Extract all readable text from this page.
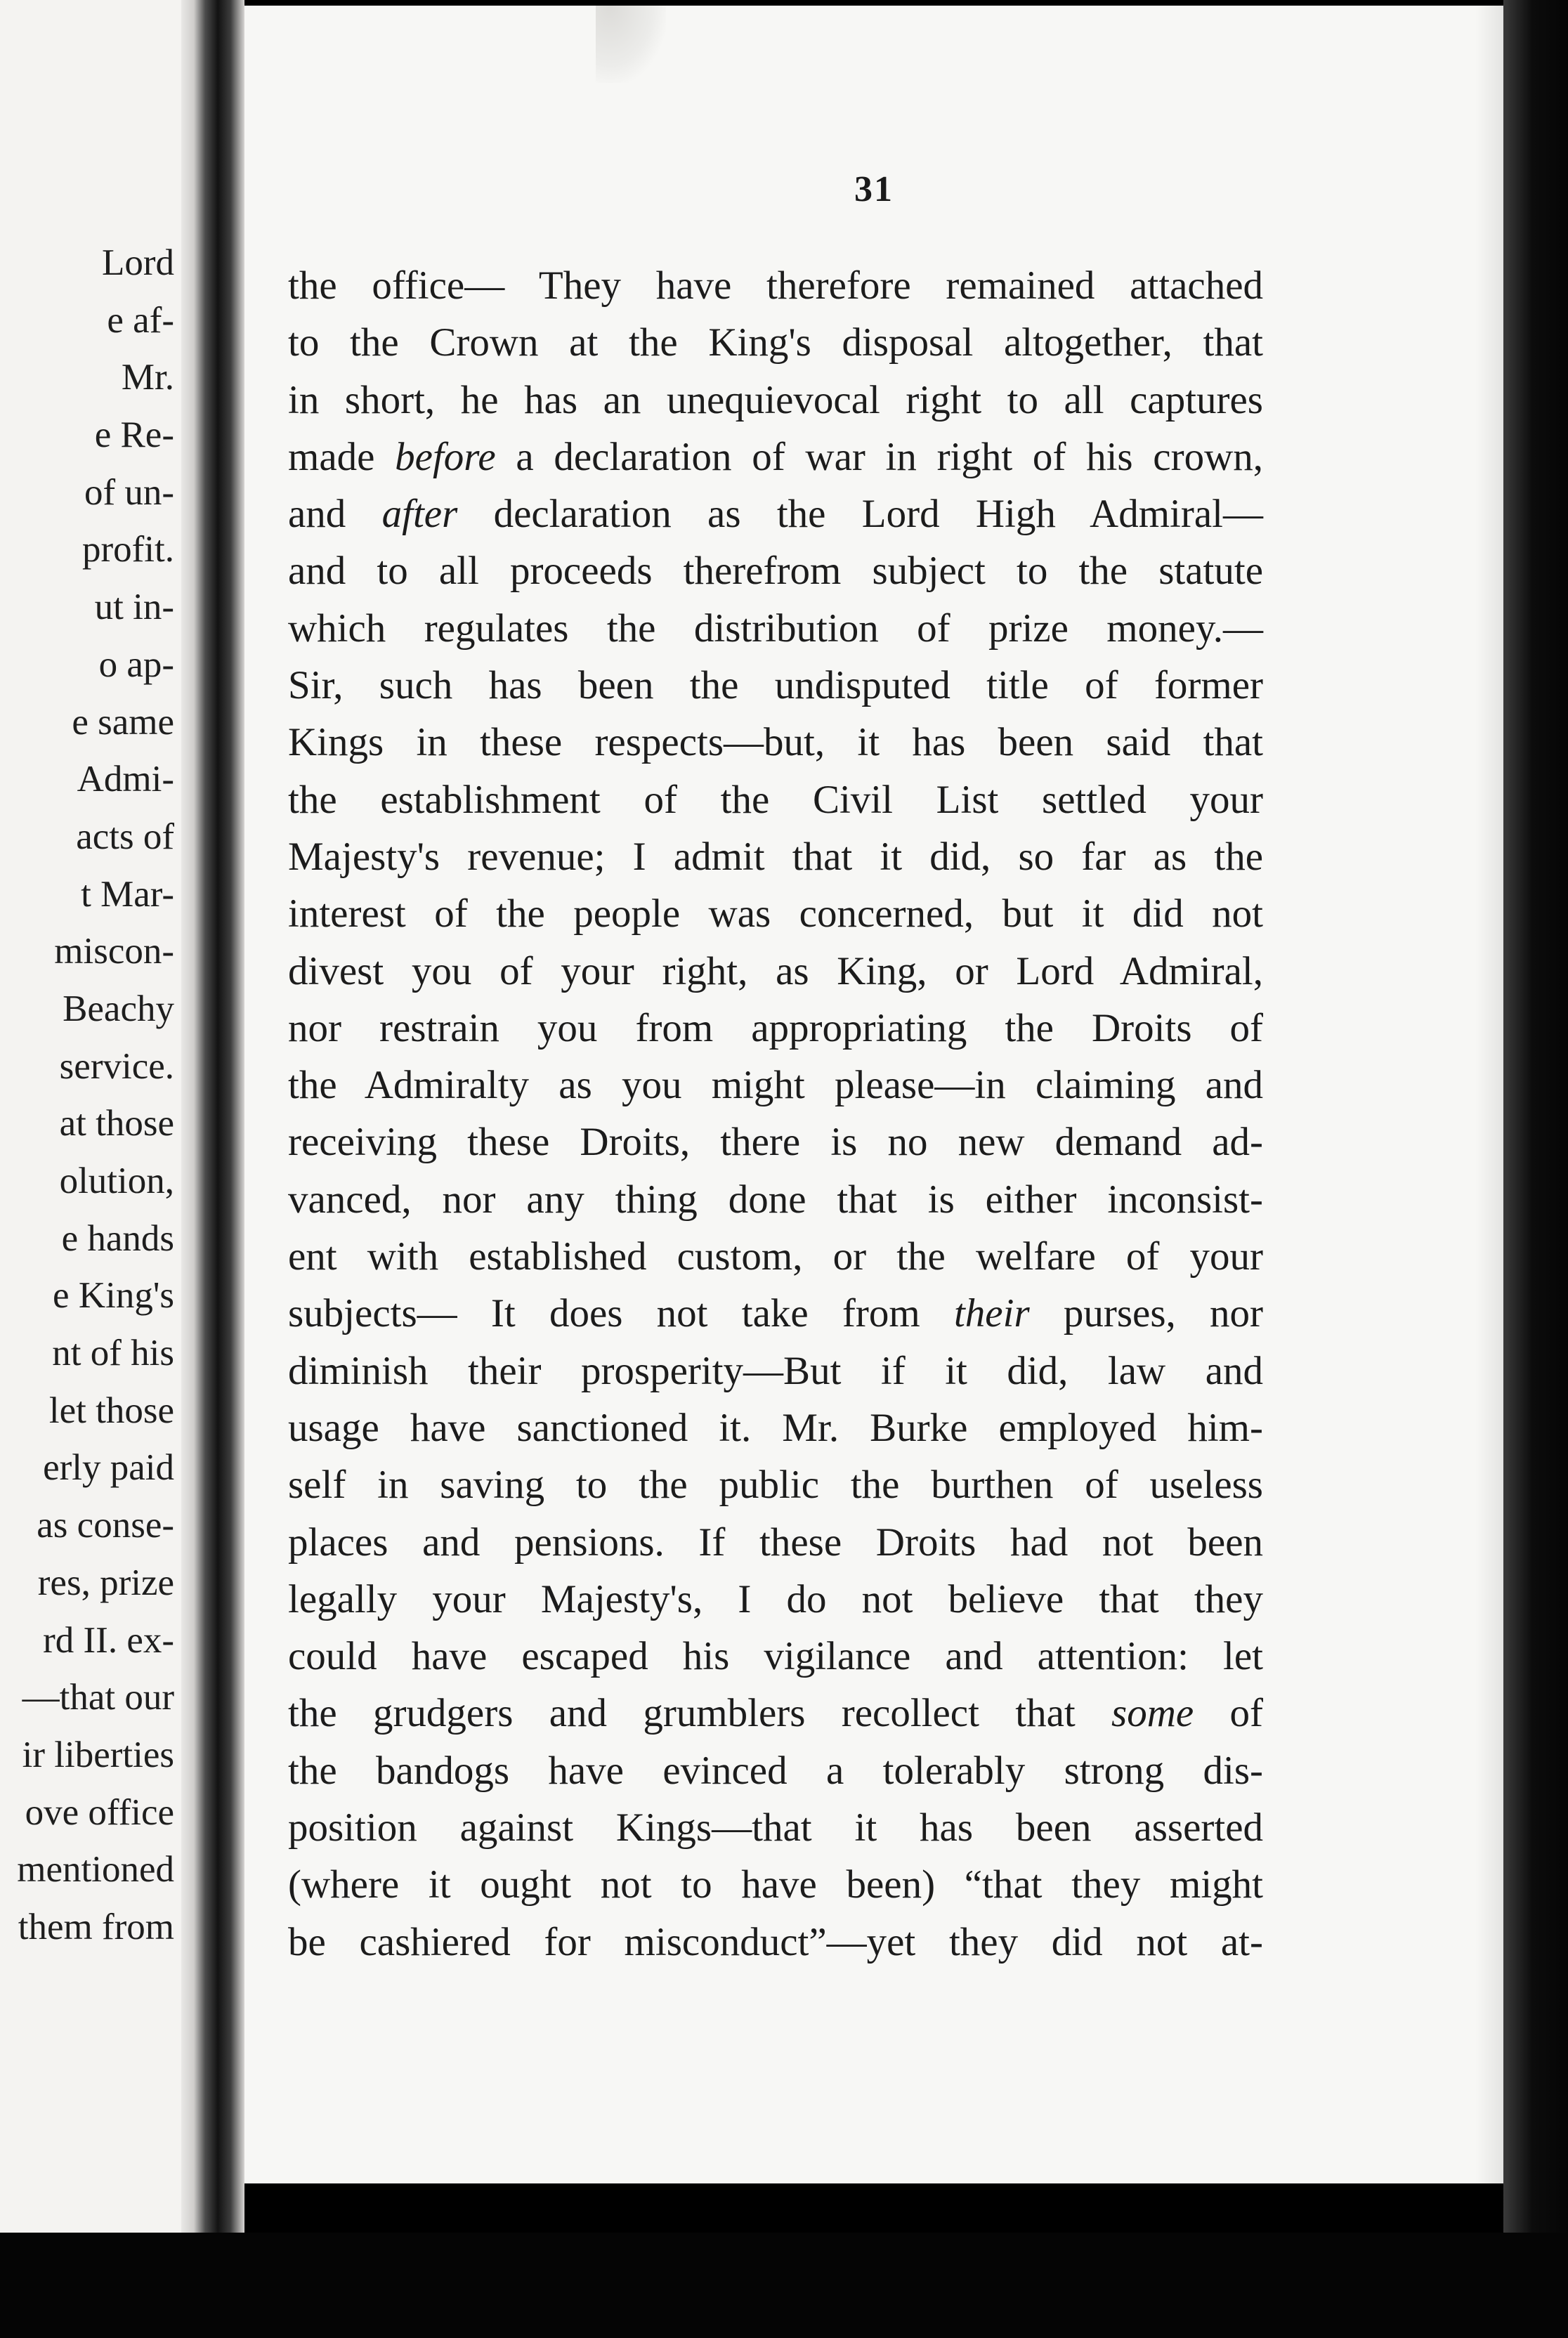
Lord

e af-

Mr.

e Re-

of un-

profit.

ut in-

o ap-

e same

Admi-

acts of

t Mar-

miscon-

Beachy

service.

at those

olution,

e hands

e King's

nt of his

let those

erly paid

as conse-

res, prize

rd II. ex-

—that our

ir liberties

ove office

mentioned

them from

31

the office— They have therefore remained attached
to the Crown at the King's disposal altogether, that
in short, he has an unequievocal right to all captures
made before a declaration of war in right of his crown,
and after declaration as the Lord High Admiral—
and to all proceeds therefrom subject to the statute
which regulates the distribution of prize money.—
Sir, such has been the undisputed title of former
Kings in these respects—but, it has been said that
the establishment of the Civil List settled your
Majesty's revenue; I admit that it did, so far as the
interest of the people was concerned, but it did not
divest you of your right, as King, or Lord Admiral,
nor restrain you from appropriating the Droits of
the Admiralty as you might please—in claiming and
receiving these Droits, there is no new demand ad-
vanced, nor any thing done that is either inconsist-
ent with established custom, or the welfare of your
subjects— It does not take from their purses, nor
diminish their prosperity—But if it did, law and
usage have sanctioned it. Mr. Burke employed him-
self in saving to the public the burthen of useless
places and pensions. If these Droits had not been
legally your Majesty's, I do not believe that they
could have escaped his vigilance and attention: let
the grudgers and grumblers recollect that some of
the bandogs have evinced a tolerably strong dis-
position against Kings—that it has been asserted
(where it ought not to have been) “that they might
be cashiered for misconduct”—yet they did not at-
